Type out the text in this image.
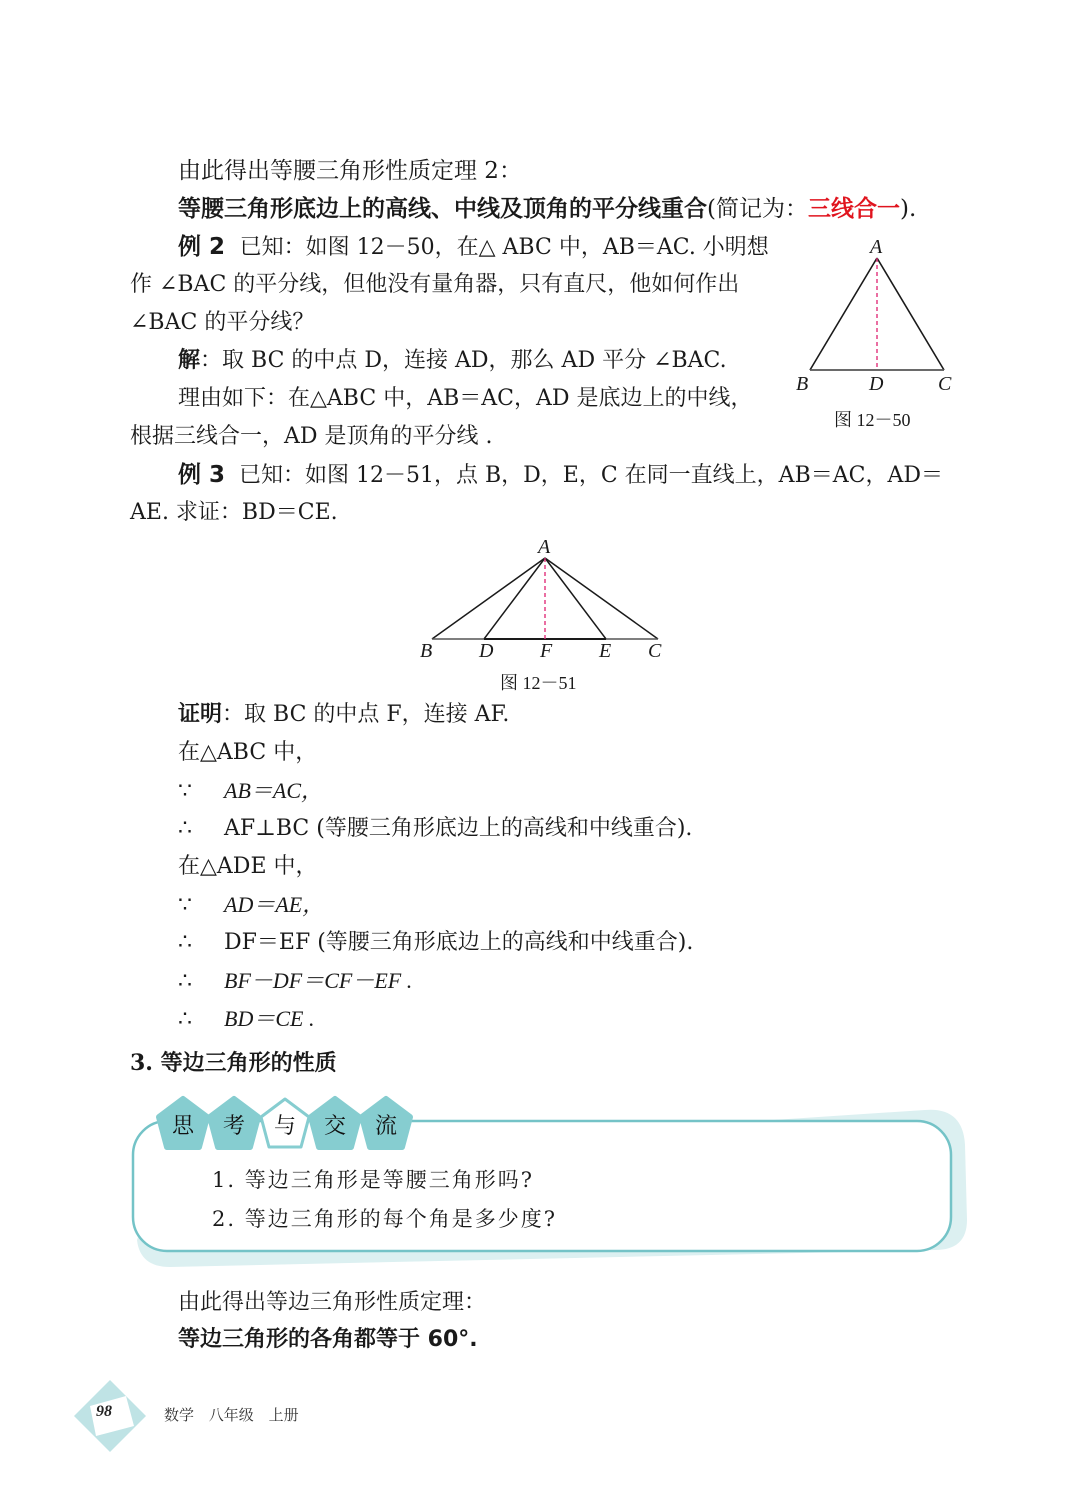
由此得出等腰三角形性质定理 2：
等腰三角形底边上的高线、中线及顶角的平分线重合(简记为：三线合一).
例 2 已知：如图 12－50，在△ ABC 中，AB＝AC. 小明想
作 ∠BAC 的平分线，但他没有量角器，只有直尺，他如何作出
∠BAC 的平分线？
解：取 BC 的中点 D，连接 AD，那么 AD 平分 ∠BAC.
理由如下：在△ABC 中，AB＝AC，AD 是底边上的中线，
根据三线合一，AD 是顶角的平分线 .
A
B	D	C
图 12－50
例 3 已知：如图 12－51，点 B，D，E，C 在同一直线上，AB＝AC，AD＝
AE. 求证：BD＝CE.
A
B D F E C
图 12－51
证明：取 BC 的中点 F，连接 AF.
在△ABC 中，
∵ AB＝AC，
∴ AF⊥BC (等腰三角形底边上的高线和中线重合).
在△ADE 中，
∵ AD＝AE，
∴ DF＝EF (等腰三角形底边上的高线和中线重合).
∴ BF－DF＝CF－EF .
∴ BD＝CE .
3. 等边三角形的性质
思 考 与 交 流
1. 等边三角形是等腰三角形吗?
2. 等边三角形的每个角是多少度?
由此得出等边三角形性质定理：
等边三角形的各角都等于 60°.
98	数学 八年级 上册
